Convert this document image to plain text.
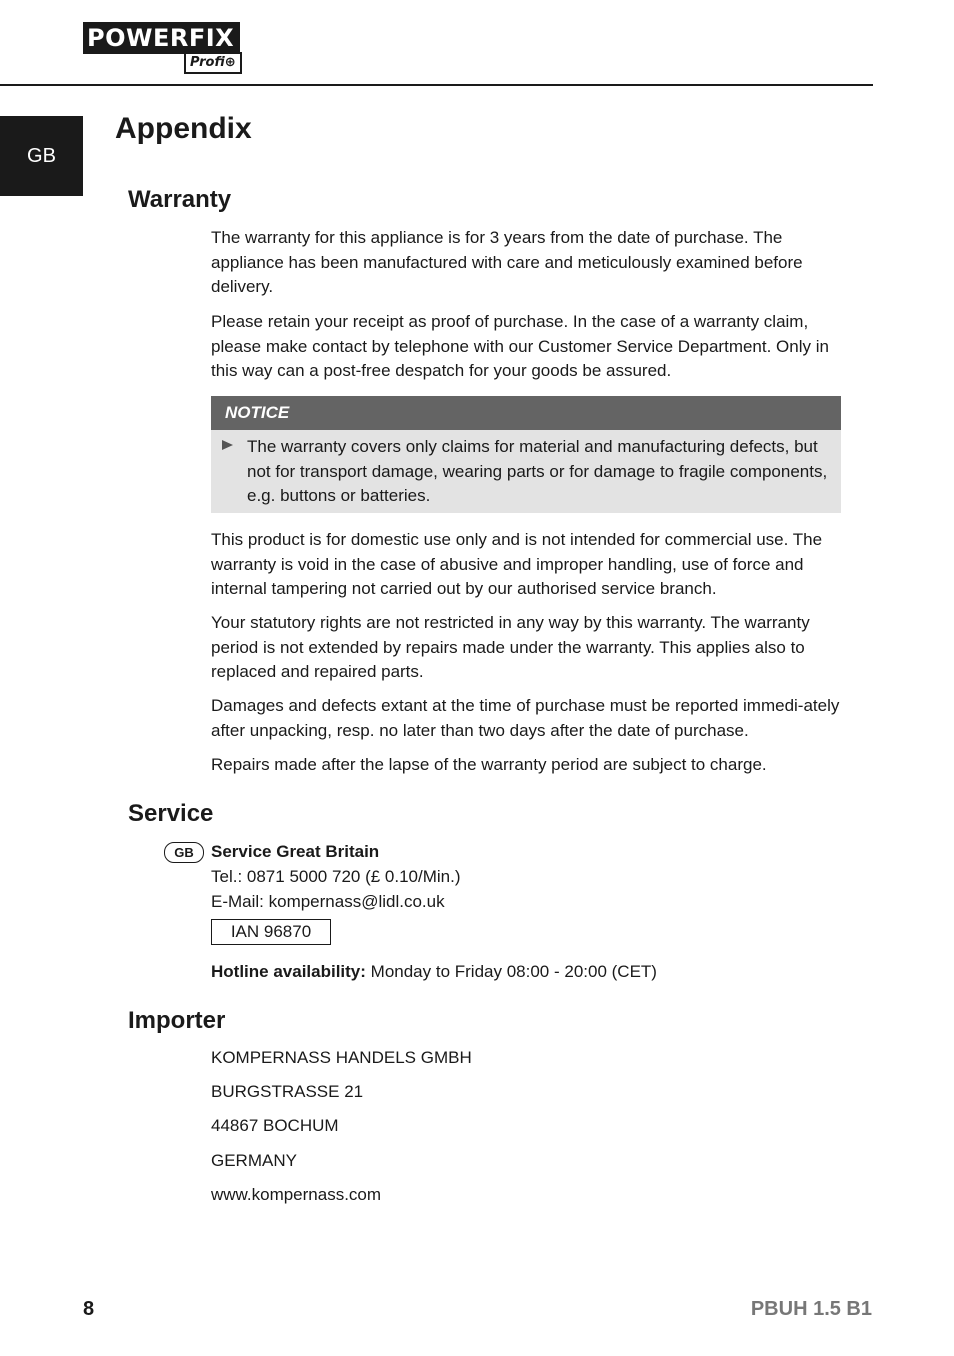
POWERFIX
Profi⊕
GB
Appendix
Warranty

The warranty for this appliance is for 3 years from the date of purchase. The appliance has been manufactured with care and meticulously examined before delivery.

Please retain your receipt as proof of purchase. In the case of a warranty claim, please make contact by telephone with our Customer Service Department. Only in this way can a post-free despatch for your goods be assured.

NOTICE
The warranty covers only claims for material and manufacturing defects, but not for transport damage, wearing parts or for damage to fragile components, e.g. buttons or batteries.

This product is for domestic use only and is not intended for commercial use. The warranty is void in the case of abusive and improper handling, use of force and internal tampering not carried out by our authorised service branch.

Your statutory rights are not restricted in any way by this warranty. The warranty period is not extended by repairs made under the warranty. This applies also to replaced and repaired parts.

Damages and defects extant at the time of purchase must be reported immedi-ately after unpacking, resp. no later than two days after the date of purchase.

Repairs made after the lapse of the warranty period are subject to charge.

Service
GB	Service Great Britain
Tel.: 0871 5000 720 (£ 0.10/Min.)
E-Mail: kompernass@lidl.co.uk
IAN 96870
Hotline availability: Monday to Friday 08:00 - 20:00 (CET)
Importer
KOMPERNASS HANDELS GMBH
BURGSTRASSE 21
44867 BOCHUM
GERMANY
www.kompernass.com
8	PBUH 1.5 B1
